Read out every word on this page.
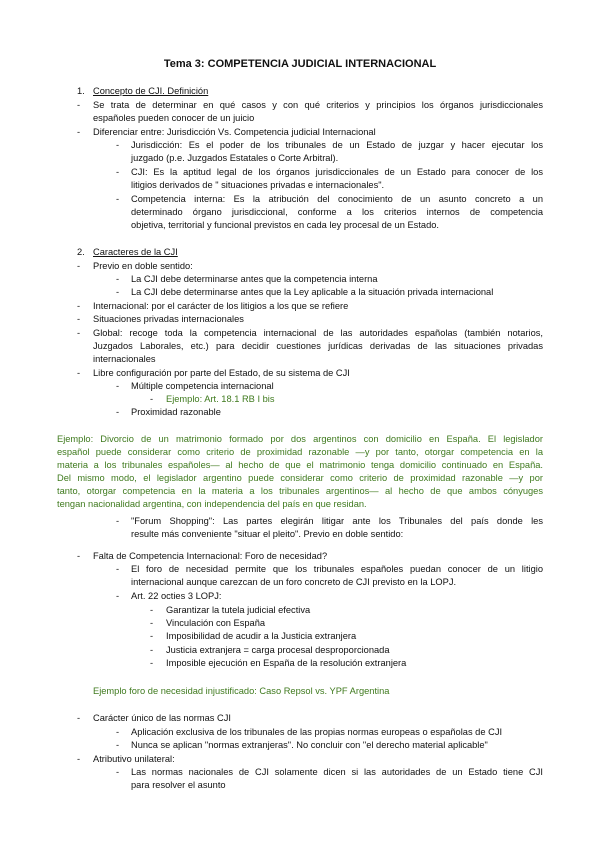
Tema 3: COMPETENCIA JUDICIAL INTERNACIONAL
1. Concepto de CJI. Definición
- Se trata de determinar en qué casos y con qué criterios y principios los órganos jurisdiccionales
españoles pueden conocer de un juicio
- Diferenciar entre: Jurisdicción Vs. Competencia judicial Internacional
- Jurisdicción: Es el poder de los tribunales de un Estado de juzgar y hacer ejecutar los
juzgado (p.e. Juzgados Estatales o Corte Arbitral).
- CJI: Es la aptitud legal de los órganos jurisdiccionales de un Estado para conocer de los
litigios derivados de " situaciones privadas e internacionales".
- Competencia interna: Es la atribución del conocimiento de un asunto concreto a un
determinado órgano jurisdiccional, conforme a los criterios internos de competencia
objetiva, territorial y funcional previstos en cada ley procesal de un Estado.
2. Caracteres de la CJI
- Previo en doble sentido:
- La CJI debe determinarse antes que la competencia interna
- La CJI debe determinarse antes que la Ley aplicable a la situación privada internacional
- Internacional: por el carácter de los litigios a los que se refiere
- Situaciones privadas internacionales
- Global: recoge toda la competencia internacional de las autoridades españolas (también notarios,
Juzgados Laborales, etc.) para decidir cuestiones jurídicas derivadas de las situaciones privadas
internacionales
- Libre configuración por parte del Estado, de su sistema de CJI
- Múltiple competencia internacional
- Ejemplo: Art. 18.1 RB I bis
- Proximidad razonable
Ejemplo: Divorcio de un matrimonio formado por dos argentinos con domicilio en España. El legislador
español puede considerar como criterio de proximidad razonable —y por tanto, otorgar competencia en la
materia a los tribunales españoles— al hecho de que el matrimonio tenga domicilio continuado en España.
Del mismo modo, el legislador argentino puede considerar como criterio de proximidad razonable —y por
tanto, otorgar competencia en la materia a los tribunales argentinos— al hecho de que ambos cónyuges
tengan nacionalidad argentina, con independencia del país en que residan.
- "Forum Shopping": Las partes elegirán litigar ante los Tribunales del país donde les
resulte más conveniente "situar el pleito". Previo en doble sentido:
- Falta de Competencia Internacional: Foro de necesidad?
- El foro de necesidad permite que los tribunales españoles puedan conocer de un litigio
internacional aunque carezcan de un foro concreto de CJI previsto en la LOPJ.
- Art. 22 octies 3 LOPJ:
- Garantizar la tutela judicial efectiva
- Vinculación con España
- Imposibilidad de acudir a la Justicia extranjera
- Justicia extranjera = carga procesal desproporcionada
- Imposible ejecución en España de la resolución extranjera
Ejemplo foro de necesidad injustificado: Caso Repsol vs. YPF Argentina
- Carácter único de las normas CJI
- Aplicación exclusiva de los tribunales de las propias normas europeas o españolas de CJI
- Nunca se aplican "normas extranjeras". No concluir con "el derecho material aplicable"
- Atributivo unilateral:
- Las normas nacionales de CJI solamente dicen si las autoridades de un Estado tiene CJI
para resolver el asunto
